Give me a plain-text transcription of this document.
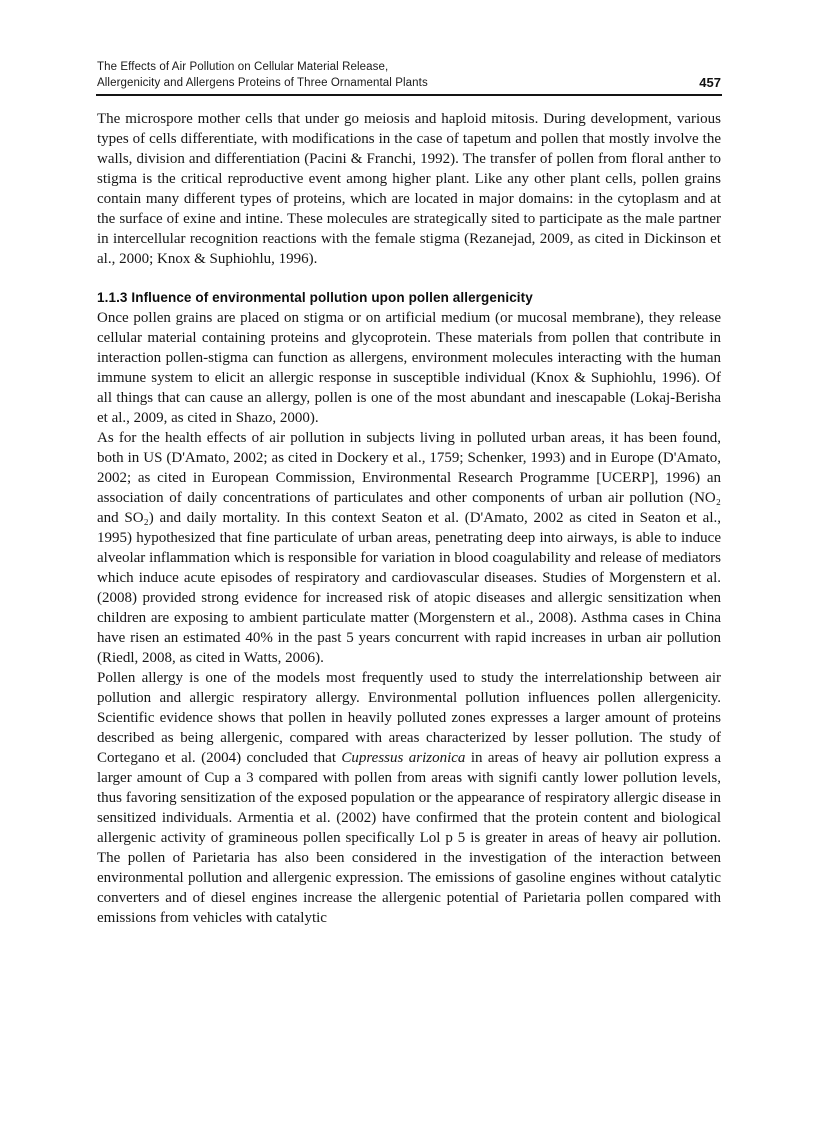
The Effects of Air Pollution on Cellular Material Release,
Allergenicity and Allergens Proteins of Three Ornamental Plants	457

The microspore mother cells that under go meiosis and haploid mitosis. During development, various types of cells differentiate, with modifications in the case of tapetum and pollen that mostly involve the walls, division and differentiation (Pacini & Franchi, 1992). The transfer of pollen from floral anther to stigma is the critical reproductive event among higher plant. Like any other plant cells, pollen grains contain many different types of proteins, which are located in major domains: in the cytoplasm and at the surface of exine and intine. These molecules are strategically sited to participate as the male partner in intercellular recognition reactions with the female stigma (Rezanejad, 2009, as cited in Dickinson et al., 2000; Knox & Suphiohlu, 1996).

1.1.3 Influence of environmental pollution upon pollen allergenicity

Once pollen grains are placed on stigma or on artificial medium (or mucosal membrane), they release cellular material containing proteins and glycoprotein. These materials from pollen that contribute in interaction pollen-stigma can function as allergens, environment molecules interacting with the human immune system to elicit an allergic response in susceptible individual (Knox & Suphiohlu, 1996). Of all things that can cause an allergy, pollen is one of the most abundant and inescapable (Lokaj-Berisha et al., 2009, as cited in Shazo, 2000).

As for the health effects of air pollution in subjects living in polluted urban areas, it has been found, both in US (D'Amato, 2002; as cited in Dockery et al., 1759; Schenker, 1993) and in Europe (D'Amato, 2002; as cited in European Commission, Environmental Research Programme [UCERP], 1996) an association of daily concentrations of particulates and other components of urban air pollution (NO₂ and SO₂) and daily mortality. In this context Seaton et al. (D'Amato, 2002 as cited in Seaton et al., 1995) hypothesized that fine particulate of urban areas, penetrating deep into airways, is able to induce alveolar inflammation which is responsible for variation in blood coagulability and release of mediators which induce acute episodes of respiratory and cardiovascular diseases. Studies of Morgenstern et al. (2008) provided strong evidence for increased risk of atopic diseases and allergic sensitization when children are exposing to ambient particulate matter (Morgenstern et al., 2008). Asthma cases in China have risen an estimated 40% in the past 5 years concurrent with rapid increases in urban air pollution (Riedl, 2008, as cited in Watts, 2006).

Pollen allergy is one of the models most frequently used to study the interrelationship between air pollution and allergic respiratory allergy. Environmental pollution influences pollen allergenicity. Scientific evidence shows that pollen in heavily polluted zones expresses a larger amount of proteins described as being allergenic, compared with areas characterized by lesser pollution. The study of Cortegano et al. (2004) concluded that Cupressus arizonica in areas of heavy air pollution express a larger amount of Cup a 3 compared with pollen from areas with signifi cantly lower pollution levels, thus favoring sensitization of the exposed population or the appearance of respiratory allergic disease in sensitized individuals. Armentia et al. (2002) have confirmed that the protein content and biological allergenic activity of gramineous pollen specifically Lol p 5 is greater in areas of heavy air pollution. The pollen of Parietaria has also been considered in the investigation of the interaction between environmental pollution and allergenic expression. The emissions of gasoline engines without catalytic converters and of diesel engines increase the allergenic potential of Parietaria pollen compared with emissions from vehicles with catalytic
